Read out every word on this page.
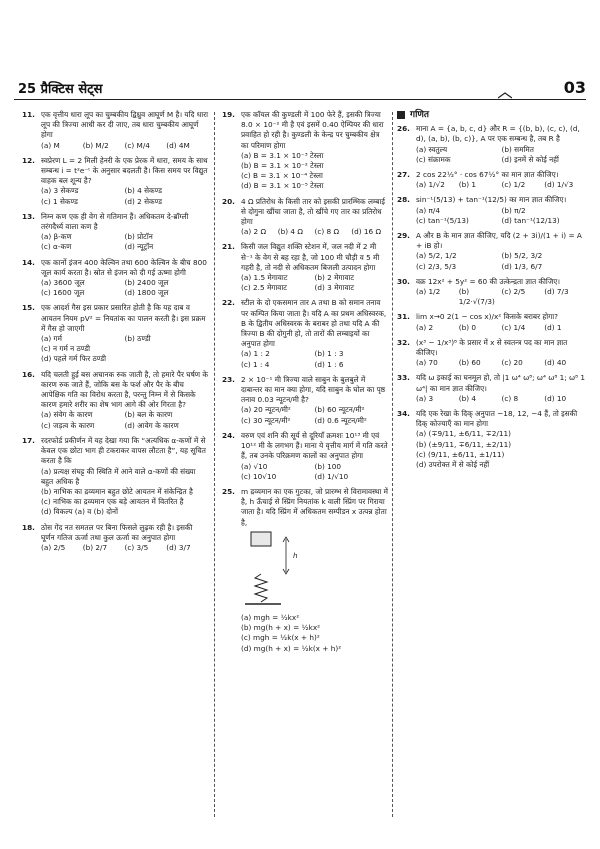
25 प्रैक्टिस सेट्स	03
11. एक वृत्तीय धारा लूप का चुम्बकीय द्विध्रुव आघूर्ण M है। यदि धारा लूप की त्रिज्या आधी कर दी जाए, तब धारा चुम्बकीय आघूर्ण होगा
(a) M	(b) M/2	(c) M/4	(d) 4M
12. स्वप्रेरण L = 2 मिली हेनरी के एक प्रेरक में धारा, समय के साथ सम्बन्ध i = t²e⁻ᵗ के अनुसार बदलती है। किस समय पर विद्युत वाहक बल शून्य है?
(a) 3 सेकण्ड	(b) 4 सेकण्ड
(c) 1 सेकण्ड	(d) 2 सेकण्ड
13. निम्न कण एक ही वेग से गतिमान हैं। अधिकतम दे-ब्रॉग्ली तरंगदैर्ध्य वाला कण है
(a) β-कण	(b) प्रोटॉन
(c) α-कण	(d) न्यूट्रॉन
14. एक कार्नो इंजन 400 केल्विन तथा 600 केल्विन के बीच 800 जूल कार्य करता है। स्रोत से इंजन को दी गई ऊष्मा होगी
(a) 3600 जूल	(b) 2400 जूल
(c) 1600 जूल	(d) 1800 जूल
15. एक आदर्श गैस इस प्रकार प्रसारित होती है कि यह दाब व आयतन नियम pV² = नियतांक का पालन करती है। इस प्रक्रम में गैस हो जाएगी
(a) गर्म	(b) ठण्डी
(c) न गर्म न ठण्डी
(d) पहले गर्म फिर ठण्डी
16. यदि चलती हुई बस अचानक रुक जाती है, तो हमारे पैर घर्षण के कारण रुक जाते हैं, जोकि बस के फर्श और पैर के बीच आपेक्षिक गति का विरोध करता है, परन्तु निम्न में से किसके कारण हमारे शरीर का शेष भाग आगे की ओर गिरता है?
(a) संवेग के कारण	(b) बल के कारण
(c) जड़त्व के कारण	(d) आवेग के कारण
17. रदरफोर्ड प्रकीर्णन में यह देखा गया कि “अत्यधिक α-कणों में से केवल एक छोटा भाग ही टकराकर वापस लौटता है”, यह सूचित करता है कि
(a) प्रत्यक्ष संघट्ट की स्थिति में आने वाले α-कणों की संख्या बहुत अधिक है
(b) नाभिक का द्रव्यमान बहुत छोटे आयतन में संकेन्द्रित है
(c) नाभिक का द्रव्यमान एक बड़े आयतन में वितरित है
(d) विकल्प (a) व (b) दोनों
18. ठोस गेंद नत समतल पर बिना फिसले लुढ़क रही है। इसकी घूर्णन गतिज ऊर्जा तथा कुल ऊर्जा का अनुपात होगा
(a) 2/5	(b) 2/7	(c) 3/5	(d) 3/7
19. एक कॉयल की कुण्डली में 100 फेरे हैं, इसकी त्रिज्या 8.0 × 10⁻² मी है एवं इसमें 0.40 ऐम्पियर की धारा प्रवाहित हो रही है। कुण्डली के केन्द्र पर चुम्बकीय क्षेत्र का परिमाण होगा
(a) B = 3.1 × 10⁻³ टेस्ला
(b) B = 3.1 × 10⁻² टेस्ला
(c) B = 3.1 × 10⁻⁴ टेस्ला
(d) B = 3.1 × 10⁻⁵ टेस्ला
20. 4 Ω प्रतिरोध के किसी तार को इसकी प्रारम्भिक लम्बाई से दोगुना खींचा जाता है, तो खींचे गए तार का प्रतिरोध होगा
(a) 2 Ω	(b) 4 Ω	(c) 8 Ω	(d) 16 Ω
21. किसी जल विद्युत शक्ति स्टेशन में, जल नदी में 2 मी से⁻¹ के वेग से बह रहा है, जो 100 मी चौड़ी व 5 मी गहरी है, तो नदी से अधिकतम बिजली उत्पादन होगा
(a) 1.5 मेगावाट	(b) 2 मेगावाट
(c) 2.5 मेगावाट	(d) 3 मेगावाट
22. स्टील के दो एकसमान तार A तथा B को समान तनाव पर कम्पित किया जाता है। यदि A का प्रथम अधिस्वरक, B के द्वितीय अधिस्वरक के बराबर हो तथा यदि A की त्रिज्या B की दोगुनी हो, तो तारों की लम्बाइयों का अनुपात होगा
(a) 1 : 2	(b) 1 : 3
(c) 1 : 4	(d) 1 : 6
23. 2 × 10⁻¹ मी त्रिज्या वाले साबुन के बुलबुले में दाबान्तर का मान क्या होगा, यदि साबुन के घोल का पृष्ठ तनाव 0.03 न्यूटन/मी है?
(a) 20 न्यूटन/मी²	(b) 60 न्यूटन/मी²
(c) 30 न्यूटन/मी²	(d) 0.6 न्यूटन/मी²
24. वरुण एवं शनि की सूर्य से दूरियाँ क्रमशः 10¹³ मी एवं 10¹² मी के लगभग हैं। माना ये वृत्तीय मार्ग में गति करते हैं, तब उनके परिक्रमण कालों का अनुपात होगा
(a) √10	(b) 100
(c) 10√10	(d) 1/√10
25. m द्रव्यमान का एक गुटका, जो प्रारम्भ से विरामावस्था में है, h ऊँचाई से स्प्रिंग नियतांक k वाली स्प्रिंग पर गिराया जाता है। यदि स्प्रिंग में अधिकतम सम्पीडन x उत्पन्न होता है,
h
(a) mgh = ½kx²
(b) mg(h + x) = ½kx²
(c) mgh = ½k(x + h)²
(d) mg(h + x) = ½k(x + h)²
गणित
26. माना A = {a, b, c, d} और R = {(b, b), (c, c), (d, d), (a, b), (b, c)}, A पर एक सम्बन्ध है, तब R है
(a) स्वतुल्य	(b) सममित
(c) संक्रामक	(d) इनमें से कोई नहीं
27. 2 cos 22½° · cos 67½° का मान ज्ञात कीजिए।
(a) 1/√2	(b) 1	(c) 1/2	(d) 1/√3
28. sin⁻¹(5/13) + tan⁻¹(12/5) का मान ज्ञात कीजिए।
(a) π/4	(b) π/2
(c) tan⁻¹(5/13)	(d) tan⁻¹(12/13)
29. A और B के मान ज्ञात कीजिए, यदि (2 + 3i)/(1 + i) = A + iB हो।
(a) 5/2, 1/2	(b) 5/2, 3/2
(c) 2/3, 5/3	(d) 1/3, 6/7
30. वक्र 12x² + 5y² = 60 की उत्केन्द्रता ज्ञात कीजिए।
(a) 1/2	(b) 1/2·√(7/3)
(c) 2/5	(d) 7/3
31. lim x→0 2(1 − cos x)/x² किसके बराबर होगा?
(a) 2	(b) 0	(c) 1/4	(d) 1
32. (x³ − 1/x³)⁸ के प्रसार में x से स्वतन्त्र पद का मान ज्ञात कीजिए।
(a) 70	(b) 60	(c) 20	(d) 40
33. यदि ω इकाई का घनमूल हो, तो |1 ω⁴ ω⁸; ω⁴ ω⁸ 1; ω⁸ 1 ω⁴| का मान ज्ञात कीजिए।
(a) 3	(b) 4	(c) 8	(d) 10
34. यदि एक रेखा के दिक् अनुपात −18, 12, −4 हैं, तो इसकी दिक् कोज्याएँ का मान होगा
(a) (∓9/11, ±6/11, ∓2/11)
(b) (±9/11, ∓6/11, ±2/11)
(c) (9/11, ±6/11, ±1/11)
(d) उपरोक्त में से कोई नहीं
